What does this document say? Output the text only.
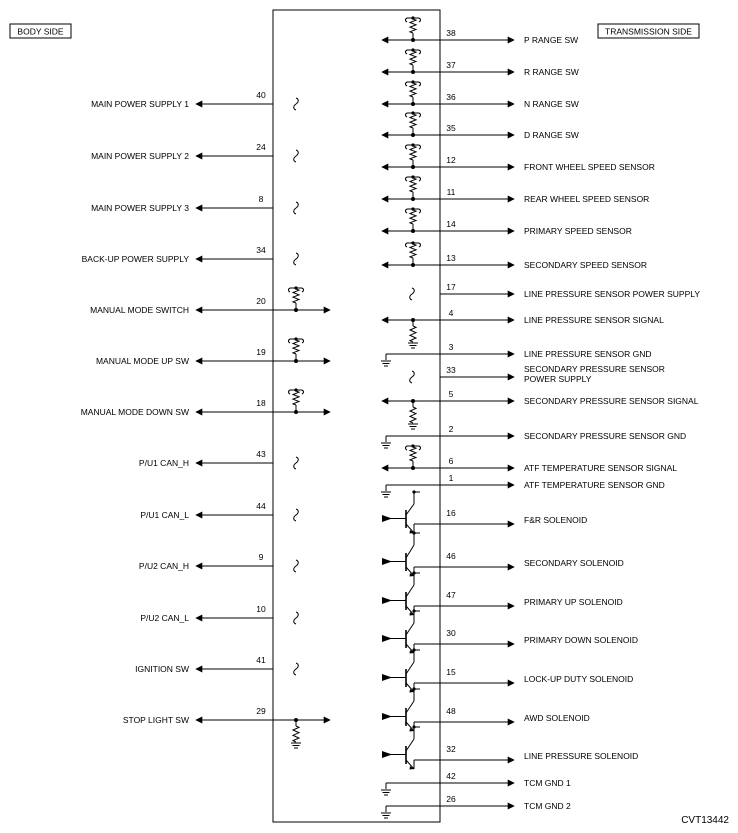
BODY SIDE	TRANSMISSION SIDE
MAIN POWER SUPPLY 1
40
MAIN POWER SUPPLY 2
24
MAIN POWER SUPPLY 3
8
BACK-UP POWER SUPPLY
34
MANUAL MODE SWITCH
20
MANUAL MODE UP SW
19
MANUAL MODE DOWN SW
18
P/U1 CAN_H
43
P/U1 CAN_L
44
P/U2 CAN_H
9
P/U2 CAN_L
10
IGNITION SW
41
STOP LIGHT SW
29
38
P RANGE SW
37
R RANGE SW
36
N RANGE SW
35
D RANGE SW
12
FRONT WHEEL SPEED SENSOR
11
REAR WHEEL SPEED SENSOR
14
PRIMARY SPEED SENSOR
13
SECONDARY SPEED SENSOR
17
LINE PRESSURE SENSOR POWER SUPPLY
4
LINE PRESSURE SENSOR SIGNAL
3
LINE PRESSURE SENSOR GND
33	SECONDARY PRESSURE SENSOR
POWER SUPPLY
5
SECONDARY PRESSURE SENSOR SIGNAL
2
SECONDARY PRESSURE SENSOR GND
6
ATF TEMPERATURE SENSOR SIGNAL
1
ATF TEMPERATURE SENSOR GND
16
F&R SOLENOID
46
SECONDARY SOLENOID
47
PRIMARY UP SOLENOID
30
PRIMARY DOWN SOLENOID
15
LOCK-UP DUTY SOLENOID
48
AWD SOLENOID
32
LINE PRESSURE SOLENOID
42
TCM GND 1
26
TCM GND 2
CVT13442
